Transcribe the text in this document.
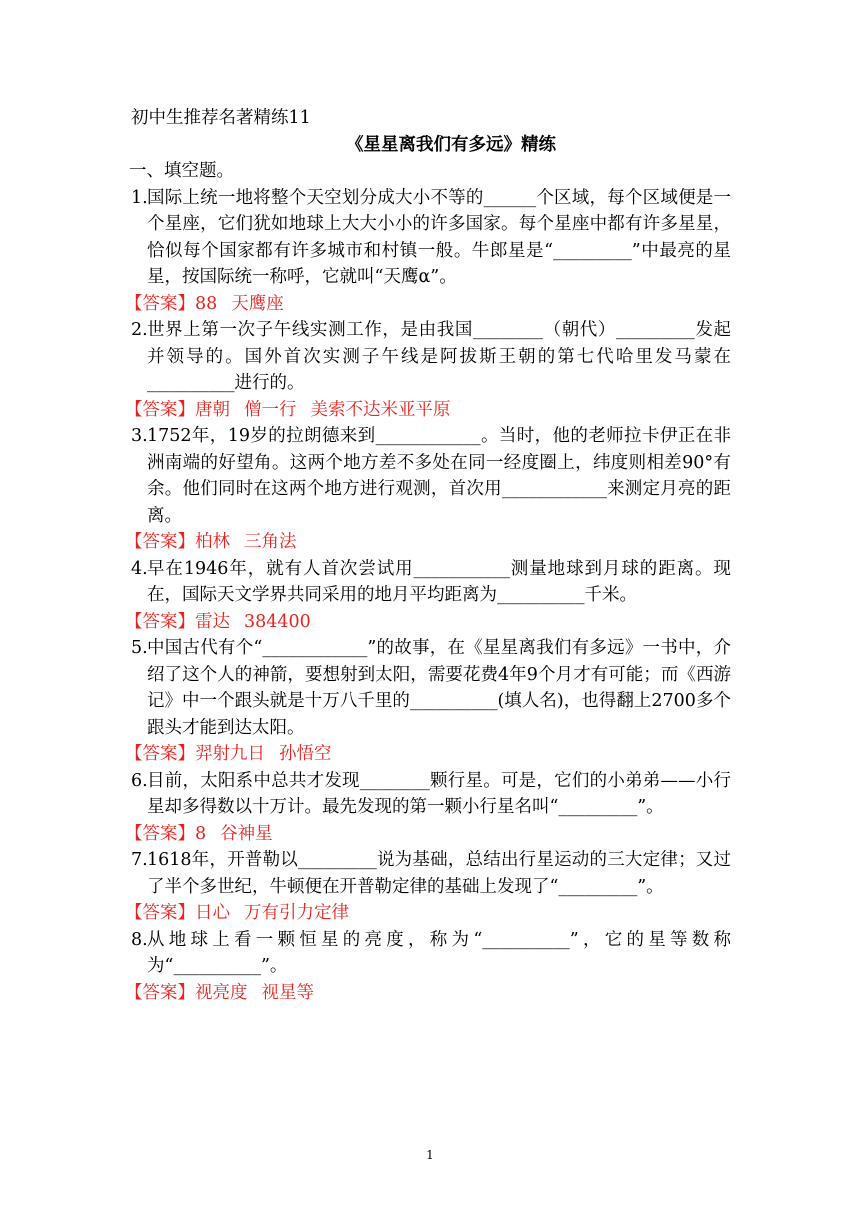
初中生推荐名著精练11

《星星离我们有多远》精练

一、填空题。

1. 国际上统一地将整个天空划分成大小不等的______个区域，每个区域便是一个星座，它们犹如地球上大大小小的许多国家。每个星座中都有许多星星，恰似每个国家都有许多城市和村镇一般。牛郎星是“_________”中最亮的星星，按国际统一称呼，它就叫“天鹰α”。

【答案】88 天鹰座

2. 世界上第一次子午线实测工作，是由我国________（朝代）_________发起并领导的。国外首次实测子午线是阿拔斯王朝的第七代哈里发马蒙在__________进行的。

【答案】唐朝 僧一行 美索不达米亚平原

3. 1752年，19岁的拉朗德来到____________。当时，他的老师拉卡伊正在非洲南端的好望角。这两个地方差不多处在同一经度圈上，纬度则相差90°有余。他们同时在这两个地方进行观测，首次用____________来测定月亮的距离。

【答案】柏林 三角法

4. 早在1946年，就有人首次尝试用___________测量地球到月球的距离。现在，国际天文学界共同采用的地月平均距离为__________千米。

【答案】雷达 384400

5. 中国古代有个“____________”的故事，在《星星离我们有多远》一书中，介绍了这个人的神箭，要想射到太阳，需要花费4年9个月才有可能；而《西游记》中一个跟头就是十万八千里的__________(填人名)，也得翻上2700多个跟头才能到达太阳。

【答案】羿射九日 孙悟空

6. 目前，太阳系中总共才发现________颗行星。可是，它们的小弟弟——小行星却多得数以十万计。最先发现的第一颗小行星名叫“_________”。

【答案】8 谷神星

7. 1618年，开普勒以_________说为基础，总结出行星运动的三大定律；又过了半个多世纪，牛顿便在开普勒定律的基础上发现了“_________”。

【答案】日心 万有引力定律

8. 从地球上看一颗恒星的亮度，称为“__________”，它的星等数称为“__________”。

【答案】视亮度 视星等

1
